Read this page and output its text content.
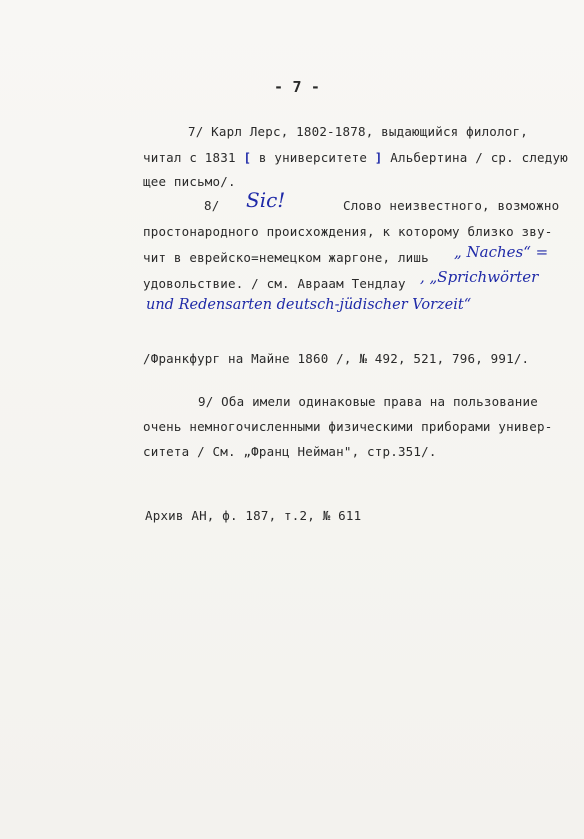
- 7 -
7/ Карл Лерс, 1802-1878, выдающийся филолог,
читал с 1831 [ в университете ] Альбертина / ср. следую
щее письмо/.
8/ Sic!	Слово неизвестного, возможно
простонародного происхождения, к которому близко зву-
чит в еврейско=немецком жаргоне, лишь „ Naches“ =
удовольствие. / см. Авраам Тендлау , „Sprichwörter
und Redensarten deutsch-jüdischer Vorzeit“
/Франкфург на Майне 1860 /, № 492, 521, 796, 991/.
9/ Оба имели одинаковые права на пользование
очень немногочисленными физическими приборами универ-
ситета / См. „Франц Нейман", стр.351/.
Архив АН, ф. 187, т.2, № 611
